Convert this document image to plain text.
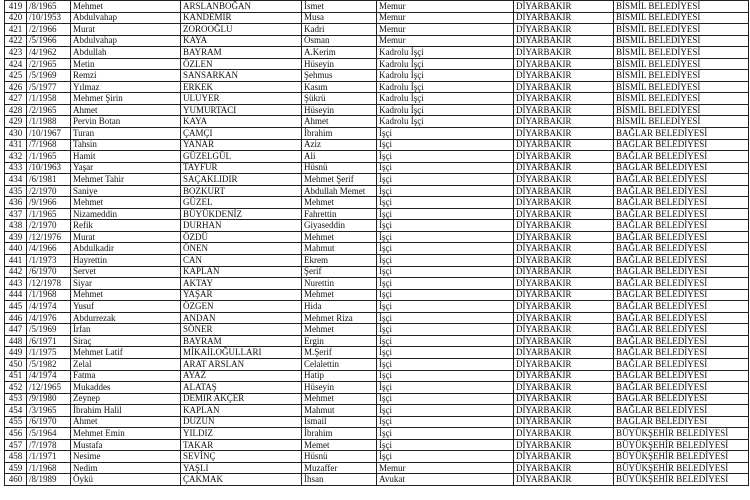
419	/8/1965	Mehmet	ARSLANBOĞAN	İsmet	Memur	DİYARBAKIR	BİSMİL BELEDİYESİ
420	/10/1953	Abdulvahap	KANDEMİR	Musa	Memur	DİYARBAKIR	BİSMİL BELEDİYESİ
421	/2/1966	Murat	ZOROOĞLU	Kadri	Memur	DİYARBAKIR	BİSMİL BELEDİYESİ
422	/5/1966	Abdulvahap	KAYA	Osman	Memur	DİYARBAKIR	BİSMİL BELEDİYESİ
423	/4/1962	Abdullah	BAYRAM	A.Kerim	Kadrolu İşçi	DİYARBAKIR	BİSMİL BELEDİYESİ
424	/2/1965	Metin	ÖZLEN	Hüseyin	Kadrolu İşçi	DİYARBAKIR	BİSMİL BELEDİYESİ
425	/5/1969	Remzi	SANSARKAN	Şehmus	Kadrolu İşçi	DİYARBAKIR	BİSMİL BELEDİYESİ
426	/5/1977	Yılmaz	ERKEK	Kasım	Kadrolu İşçi	DİYARBAKIR	BİSMİL BELEDİYESİ
427	/1/1958	Mehmet Şirin	ULUYER	Şükrü	Kadrolu İşçi	DİYARBAKIR	BİSMİL BELEDİYESİ
428	/2/1965	Ahmet	YUMURTACI	Hüseyin	Kadrolu İşçi	DİYARBAKIR	BİSMİL BELEDİYESİ
429	/1/1988	Pervin Botan	KAYA	Ahmet	Kadrolu İşçi	DİYARBAKIR	BİSMİL BELEDİYESİ
430	/10/1967	Turan	ÇAMÇI	İbrahim	İşçi	DİYARBAKIR	BAĞLAR BELEDİYESİ
431	/7/1968	Tahsin	YANAR	Aziz	İşçi	DİYARBAKIR	BAĞLAR BELEDİYESİ
432	/1/1965	Hamit	GÜZELGÜL	Ali	İşçi	DİYARBAKIR	BAĞLAR BELEDİYESİ
433	/10/1963	Yaşar	TAYFUR	Hüsnü	İşçi	DİYARBAKIR	BAĞLAR BELEDİYESİ
434	/6/1981	Mehmet Tahir	SAÇAKLIDIR	Mehmet Şerif	İşçi	DİYARBAKIR	BAĞLAR BELEDİYESİ
435	/2/1970	Saniye	BOZKURT	Abdullah Memet	İşçi	DİYARBAKIR	BAĞLAR BELEDİYESİ
436	/9/1966	Mehmet	GÜZEL	Mehmet	İşçi	DİYARBAKIR	BAĞLAR BELEDİYESİ
437	/1/1965	Nizameddin	BÜYÜKDENİZ	Fahrettin	İşçi	DİYARBAKIR	BAĞLAR BELEDİYESİ
438	/2/1970	Refik	DURHAN	Giyaseddin	İşçi	DİYARBAKIR	BAĞLAR BELEDİYESİ
439	/12/1976	Murat	ÖZDÜ	Mehmet	İşçi	DİYARBAKIR	BAĞLAR BELEDİYESİ
440	/4/1966	Abdulkadir	ÖNEN	Mahmut	İşçi	DİYARBAKIR	BAĞLAR BELEDİYESİ
441	/1/1973	Hayrettin	CAN	Ekrem	İşçi	DİYARBAKIR	BAĞLAR BELEDİYESİ
442	/6/1970	Servet	KAPLAN	Şerif	İşçi	DİYARBAKIR	BAĞLAR BELEDİYESİ
443	/12/1978	Siyar	AKTAY	Nurettin	İşçi	DİYARBAKIR	BAĞLAR BELEDİYESİ
444	/1/1968	Mehmet	YAŞAR	Mehmet	İşçi	DİYARBAKIR	BAĞLAR BELEDİYESİ
445	/4/1974	Yusuf	ÖZGEN	Hida	İşçi	DİYARBAKIR	BAĞLAR BELEDİYESİ
446	/4/1976	Abdurrezak	ANDAN	Mehmet Riza	İşçi	DİYARBAKIR	BAĞLAR BELEDİYESİ
447	/5/1969	İrfan	SÖNER	Mehmet	İşçi	DİYARBAKIR	BAĞLAR BELEDİYESİ
448	/6/1971	Siraç	BAYRAM	Ergin	İşçi	DİYARBAKIR	BAĞLAR BELEDİYESİ
449	/1/1975	Mehmet Latif	MİKAİLOĞULLARI	M.Şerif	İşçi	DİYARBAKIR	BAĞLAR BELEDİYESİ
450	/5/1982	Zelal	ARAT ARSLAN	Celalettin	İşçi	DİYARBAKIR	BAĞLAR BELEDİYESİ
451	/4/1974	Fatma	AYAZ	Hatip	İşçi	DİYARBAKIR	BAĞLAR BELEDİYESİ
452	/12/1965	Mukaddes	ALATAŞ	Hüseyin	İşçi	DİYARBAKIR	BAĞLAR BELEDİYESİ
453	/9/1980	Zeynep	DEMİR AKÇER	Mehmet	İşçi	DİYARBAKIR	BAĞLAR BELEDİYESİ
454	/3/1965	İbrahim Halil	KAPLAN	Mahmut	İşçi	DİYARBAKIR	BAĞLAR BELEDİYESİ
455	/6/1970	Ahmet	DÜZÜN	İsmail	İşçi	DİYARBAKIR	BAĞLAR BELEDİYESİ
456	/5/1964	Mehmet Emin	YILDIZ	İbrahim	İşçi	DİYARBAKIR	BÜYÜKŞEHİR BELEDİYESİ
457	/7/1978	Mustafa	TAKAR	Memet	İşçi	DİYARBAKIR	BÜYÜKŞEHİR BELEDİYESİ
458	/1/1971	Nesime	SEVİNÇ	Hüsnü	İşçi	DİYARBAKIR	BÜYÜKŞEHİR BELEDİYESİ
459	/1/1968	Nedim	YAŞLI	Muzaffer	Memur	DİYARBAKIR	BÜYÜKŞEHİR BELEDİYESİ
460	/8/1989	Öykü	ÇAKMAK	İhsan	Avukat	DİYARBAKIR	BÜYÜKŞEHİR BELEDİYESİ
